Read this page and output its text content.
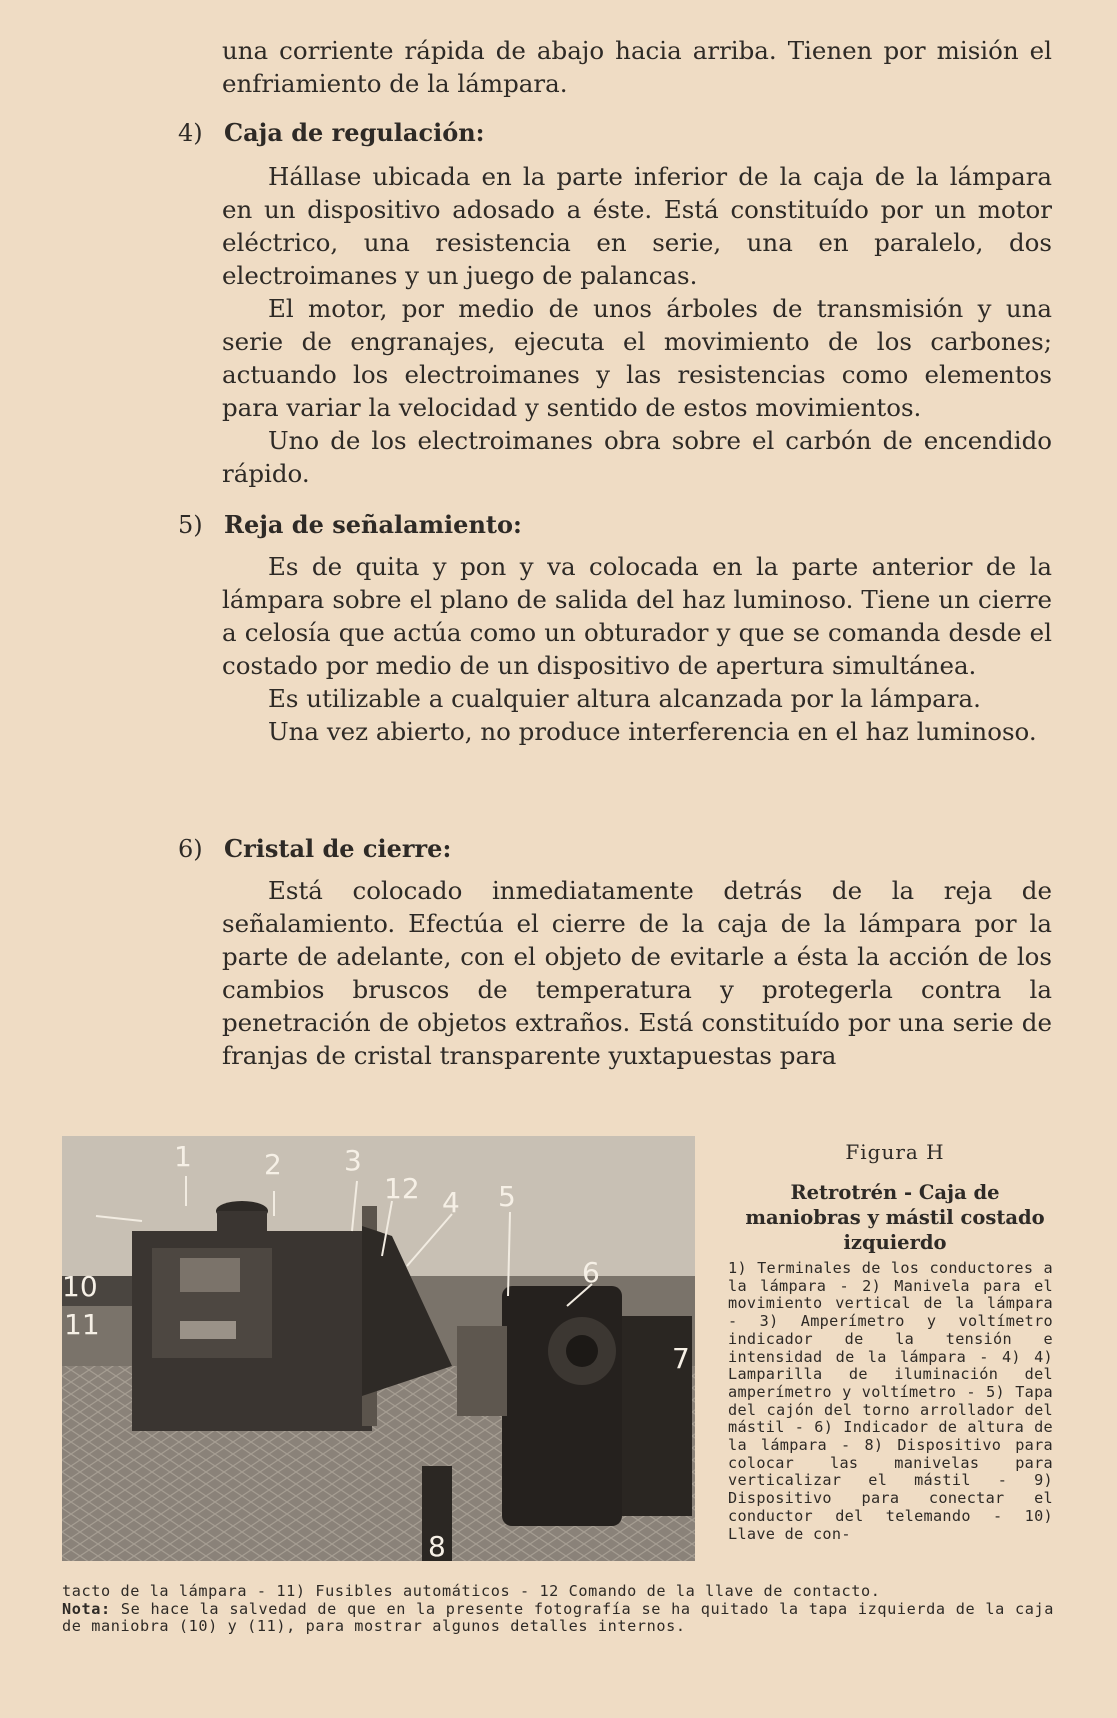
una corriente rápida de abajo hacia arriba. Tienen por misión el enfriamiento de la lámpara.
4) Caja de regulación:

Hállase ubicada en la parte inferior de la caja de la lámpara en un dispositivo adosado a éste. Está constituído por un motor eléctrico, una resistencia en serie, una en paralelo, dos electroimanes y un juego de palancas.

El motor, por medio de unos árboles de transmisión y una serie de engranajes, ejecuta el movimiento de los carbones; actuando los electroimanes y las resistencias como elementos para variar la velocidad y sentido de estos movimientos.

Uno de los electroimanes obra sobre el carbón de encendido rápido.

5) Reja de señalamiento:

Es de quita y pon y va colocada en la parte anterior de la lámpara sobre el plano de salida del haz luminoso. Tiene un cierre a celosía que actúa como un obturador y que se comanda desde el costado por medio de un dispositivo de apertura simultánea.

Es utilizable a cualquier altura alcanzada por la lámpara.

Una vez abierto, no produce interferencia en el haz luminoso.

6) Cristal de cierre:

Está colocado inmediatamente detrás de la reja de señalamiento. Efectúa el cierre de la caja de la lámpara por la parte de adelante, con el objeto de evitarle a ésta la acción de los cambios bruscos de temperatura y protegerla contra la penetración de objetos extraños. Está constituído por una serie de franjas de cristal transparente yuxtapuestas para

1	2 3
12 4 5
6
7
8
10
11
Figura H
Retrotrén - Caja de maniobras y mástil costado izquierdo
1) Terminales de los conductores a la lámpara - 2) Manivela para el movimiento vertical de la lámpara - 3) Amperímetro y voltímetro indicador de la tensión e intensidad de la lámpara - 4) 4) Lamparilla de iluminación del amperímetro y voltímetro - 5) Tapa del cajón del torno arrollador del mástil - 6) Indicador de altura de la lámpara - 8) Dispositivo para colocar las manivelas para verticalizar el mástil - 9) Dispositivo para conectar el conductor del telemando - 10) Llave de con-

tacto de la lámpara - 11) Fusibles automáticos - 12 Comando de la llave de contacto.

Nota: Se hace la salvedad de que en la presente fotografía se ha quitado la tapa izquierda de la caja de maniobra (10) y (11), para mostrar algunos detalles internos.
